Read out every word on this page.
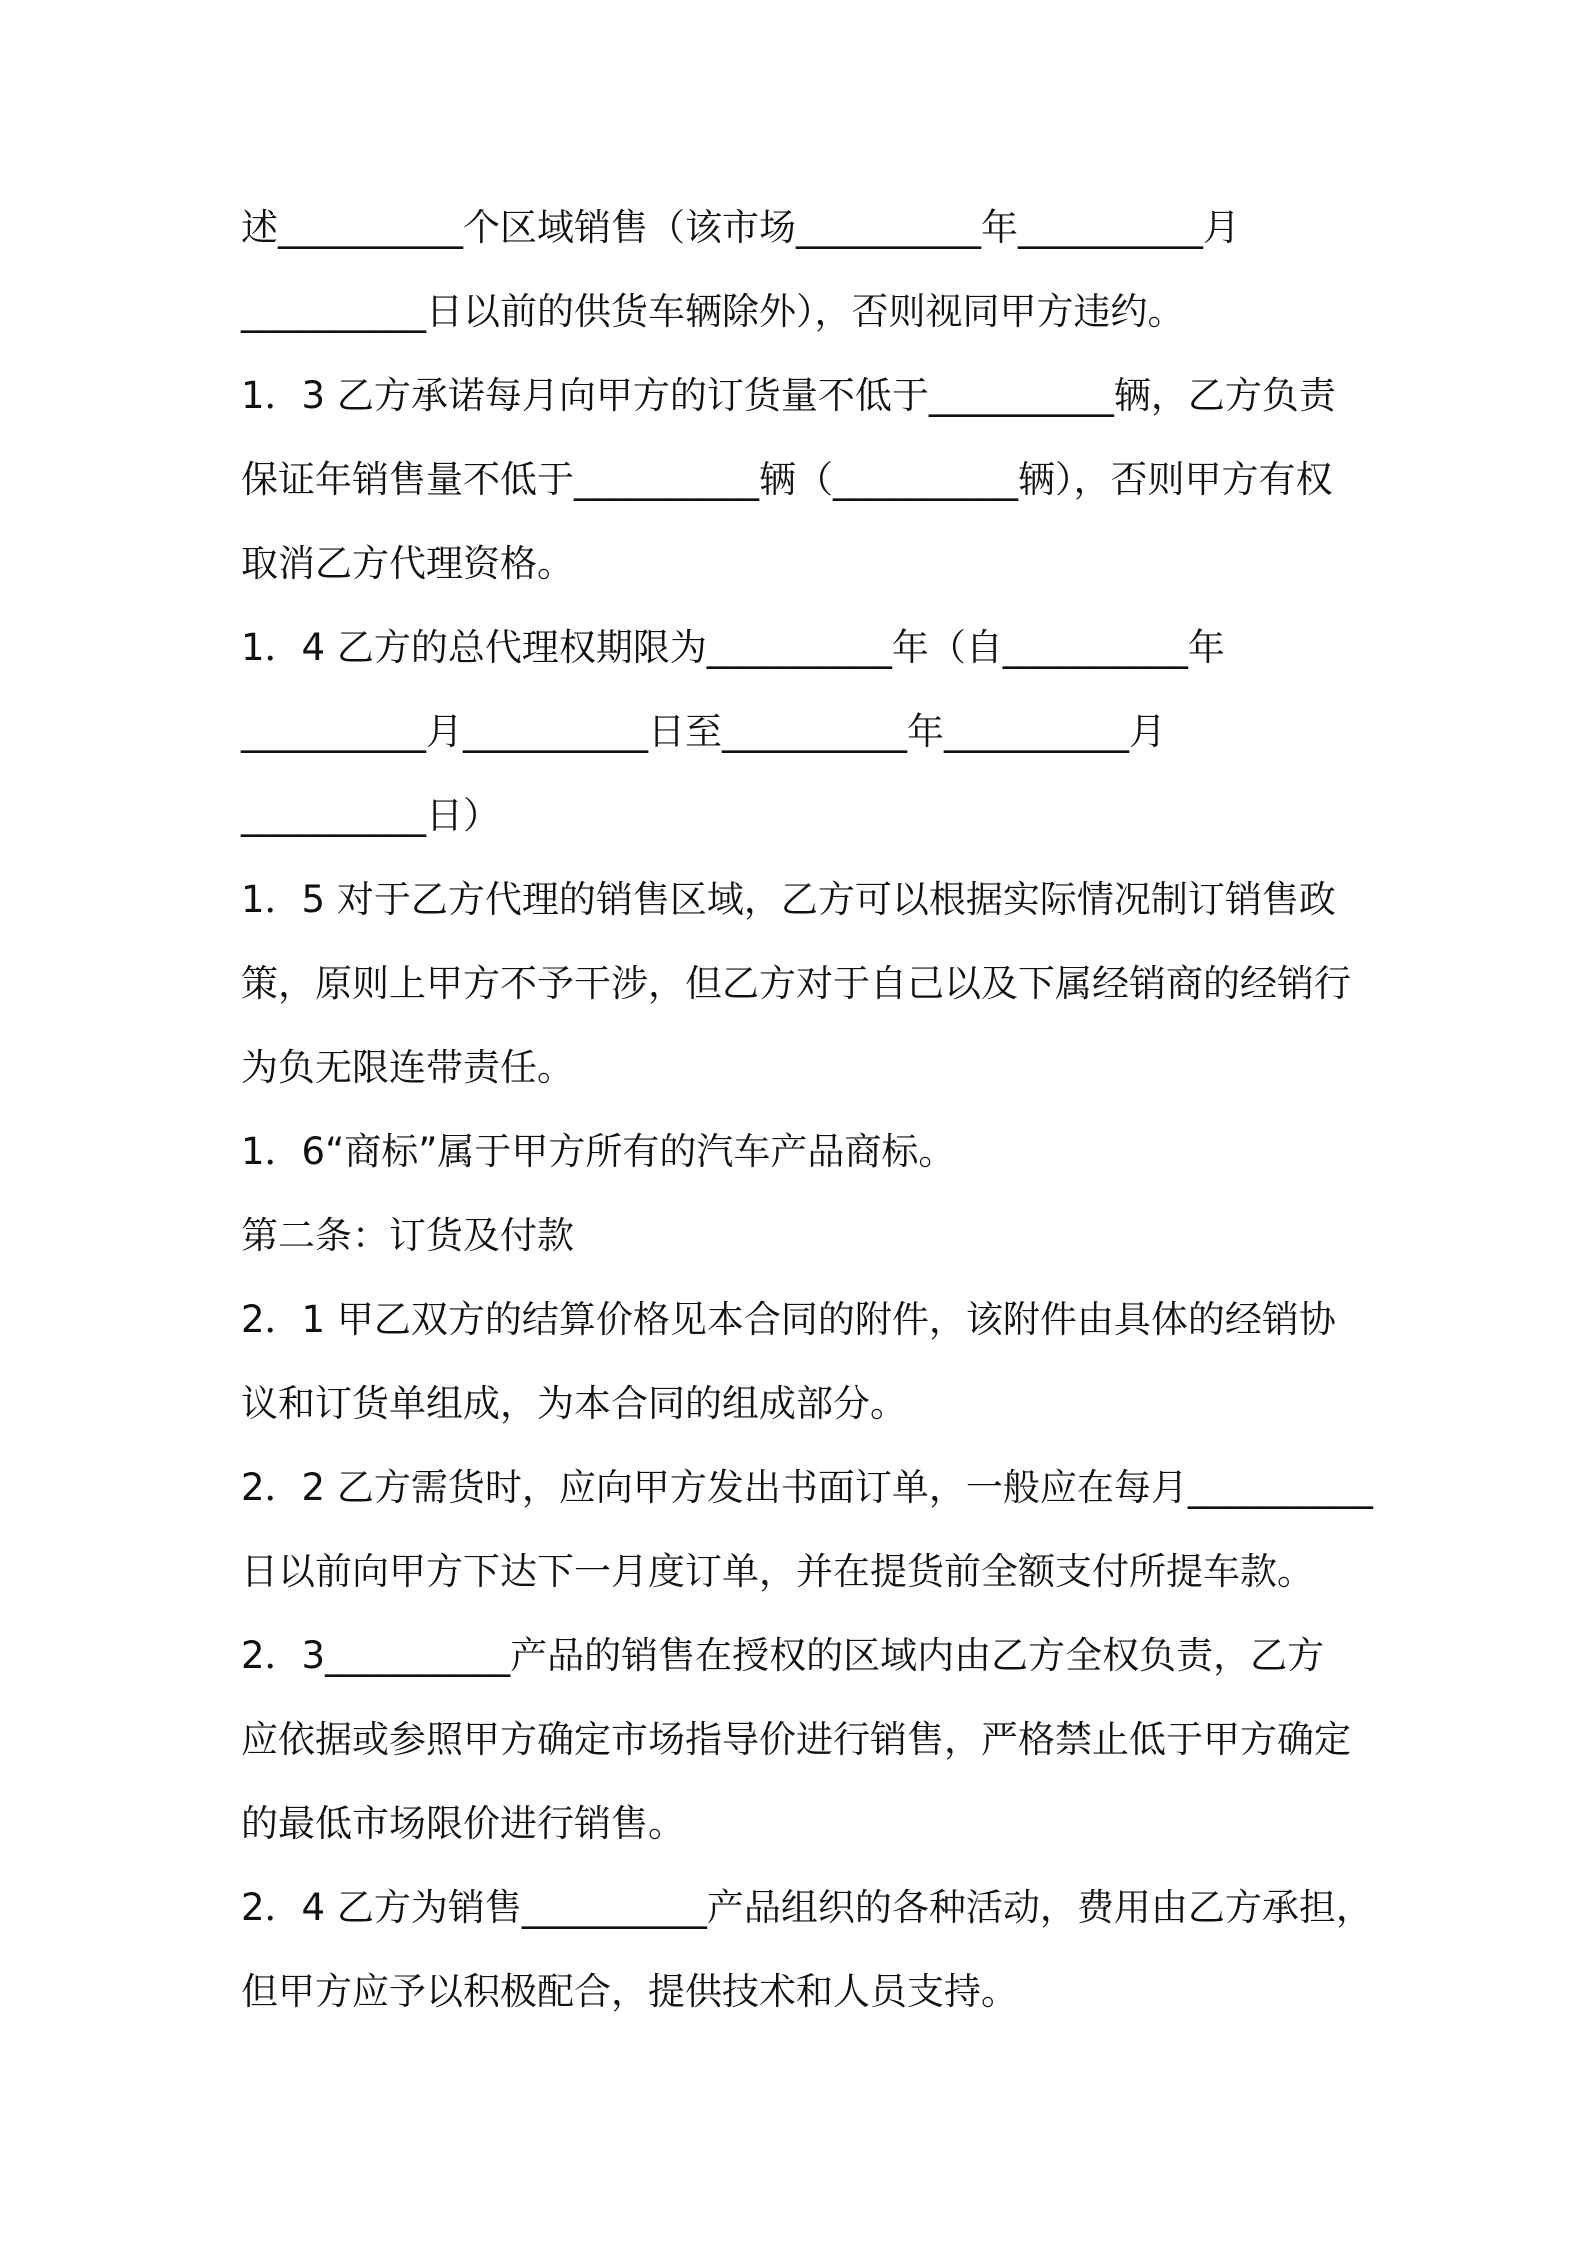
述__________个区域销售（该市场__________年__________月
__________日以前的供货车辆除外），否则视同甲方违约。
1．3 乙方承诺每月向甲方的订货量不低于__________辆，乙方负责
保证年销售量不低于__________辆（__________辆），否则甲方有权
取消乙方代理资格。
1．4 乙方的总代理权期限为__________年（自__________年
__________月__________日至__________年__________月
__________日）
1．5 对于乙方代理的销售区域，乙方可以根据实际情况制订销售政
策，原则上甲方不予干涉，但乙方对于自己以及下属经销商的经销行
为负无限连带责任。
1．6“商标”属于甲方所有的汽车产品商标。
第二条：订货及付款
2．1 甲乙双方的结算价格见本合同的附件，该附件由具体的经销协
议和订货单组成，为本合同的组成部分。
2．2 乙方需货时，应向甲方发出书面订单，一般应在每月__________
日以前向甲方下达下一月度订单，并在提货前全额支付所提车款。
2．3__________产品的销售在授权的区域内由乙方全权负责，乙方
应依据或参照甲方确定市场指导价进行销售，严格禁止低于甲方确定
的最低市场限价进行销售。
2．4 乙方为销售__________产品组织的各种活动，费用由乙方承担，
但甲方应予以积极配合，提供技术和人员支持。
